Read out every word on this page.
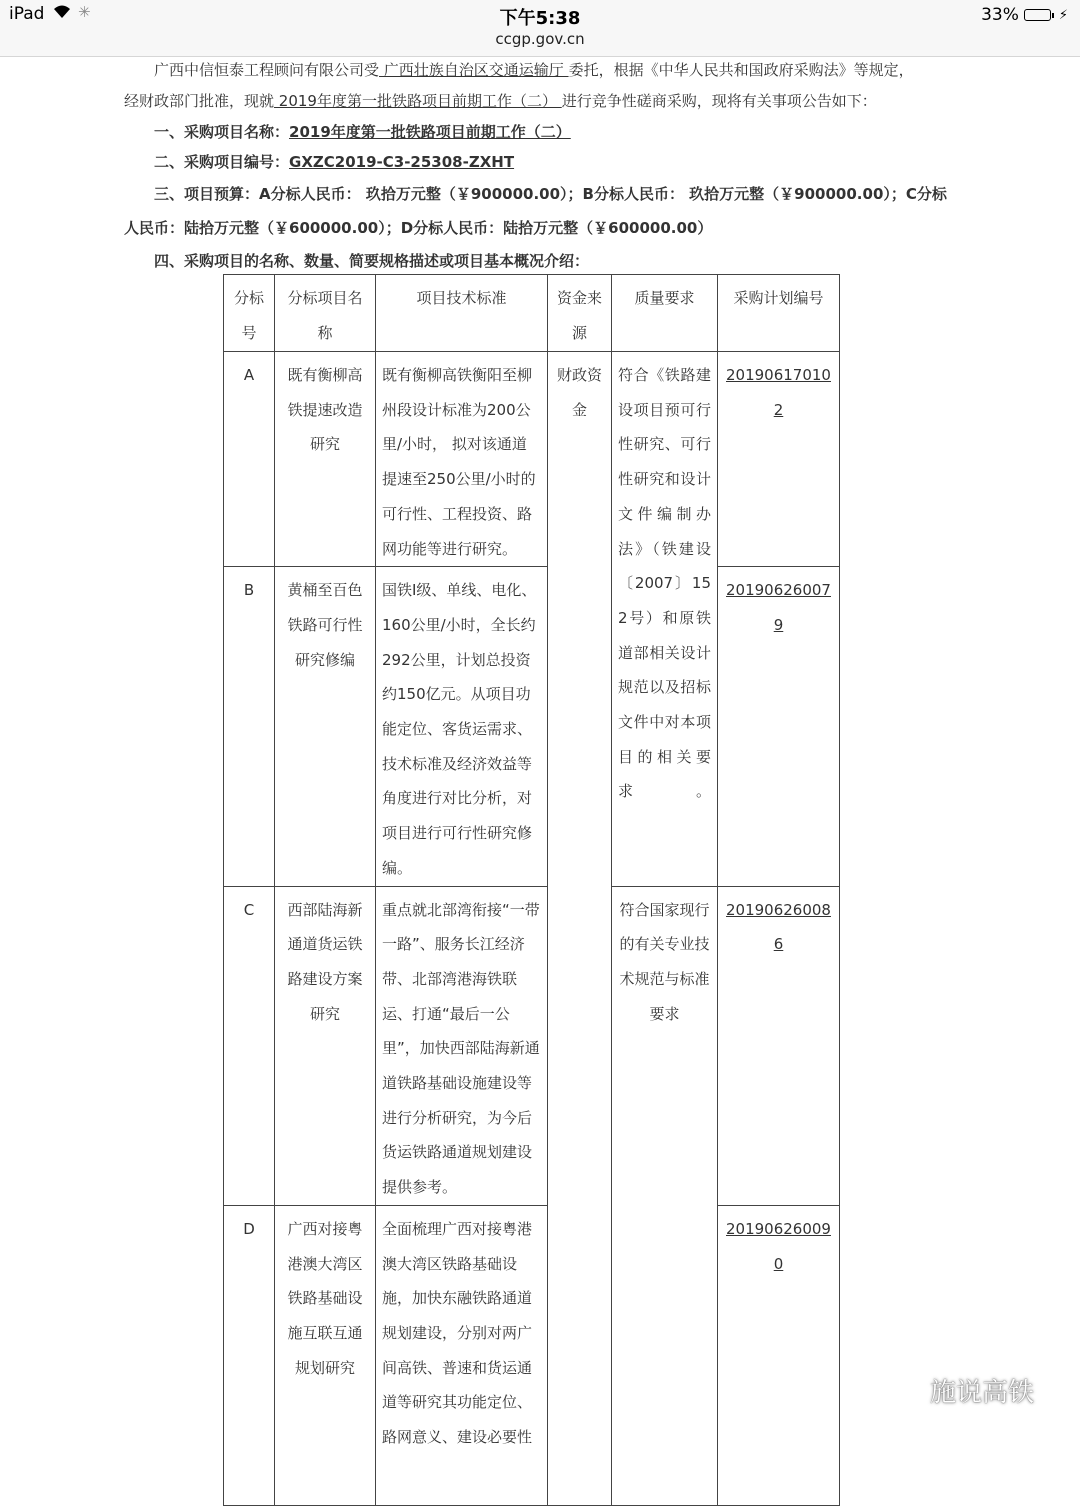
iPad ✳	下午5:38
ccgp.gov.cn
33%	⚡
广西中信恒泰工程顾问有限公司受 广西壮族自治区交通运输厅 委托，根据《中华人民共和国政府采购法》等规定，
经财政部门批准，现就 2019年度第一批铁路项目前期工作（二） 进行竞争性磋商采购，现将有关事项公告如下：
一、采购项目名称：2019年度第一批铁路项目前期工作（二）
二、采购项目编号：GXZC2019-C3-25308-ZXHT
三、项目预算：A分标人民币： 玖拾万元整（￥900000.00）；B分标人民币： 玖拾万元整（￥900000.00）；C分标
人民币：陆拾万元整（￥600000.00）；D分标人民币：陆拾万元整（￥600000.00）
四、采购项目的名称、数量、简要规格描述或项目基本概况介绍：
分标号	分标项目名称	项目技术标准	资金来源	质量要求	采购计划编号
A	既有衡柳高铁提速改造研究	既有衡柳高铁衡阳至柳州段设计标准为200公里/小时， 拟对该通道提速至250公里/小时的可行性、工程投资、路网功能等进行研究。	财政资金	符合《铁路建设项目预可行性研究、可行性研究和设计文件编制办法》（铁建设〔2007〕152号）和原铁道部相关设计规范以及招标文件中对本项目的相关要求。	201906170102
B	黄桶至百色铁路可行性研究修编	国铁Ⅰ级、单线、电化、160公里/小时，全长约292公里，计划总投资约150亿元。从项目功能定位、客货运需求、技术标准及经济效益等角度进行对比分析，对项目进行可行性研究修编。			201906260079
C	西部陆海新通道货运铁路建设方案研究	重点就北部湾衔接“一带一路”、服务长江经济带、北部湾港海铁联运、打通“最后一公里”，加快西部陆海新通道铁路基础设施建设等进行分析研究，为今后货运铁路通道规划建设提供参考。		符合国家现行的有关专业技术规范与标准要求	201906260086
D	广西对接粤港澳大湾区铁路基础设施互联互通规划研究	全面梳理广西对接粤港澳大湾区铁路基础设施，加快东融铁路通道规划建设，分别对两广间高铁、普速和货运通道等研究其功能定位、路网意义、建设必要性			201906260090
施说高铁
